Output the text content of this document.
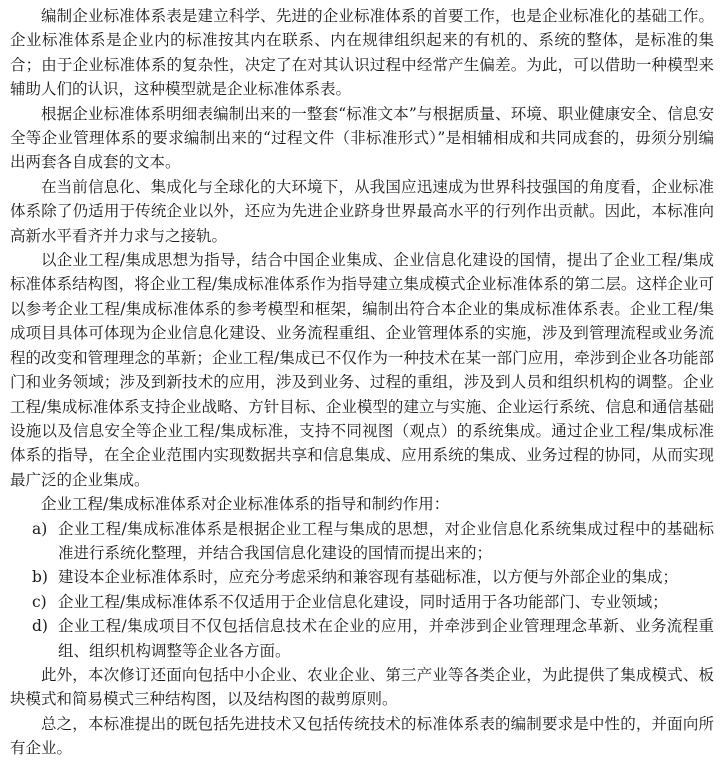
编制企业标准体系表是建立科学、先进的企业标准体系的首要工作，也是企业标准化的基础工作。企业标准体系是企业内的标准按其内在联系、内在规律组织起来的有机的、系统的整体，是标准的集合；由于企业标准体系的复杂性，决定了在对其认识过程中经常产生偏差。为此，可以借助一种模型来辅助人们的认识，这种模型就是企业标准体系表。

根据企业标准体系明细表编制出来的一整套“标准文本”与根据质量、环境、职业健康安全、信息安全等企业管理体系的要求编制出来的“过程文件（非标准形式）”是相辅相成和共同成套的，毋须分别编出两套各自成套的文本。

在当前信息化、集成化与全球化的大环境下，从我国应迅速成为世界科技强国的角度看，企业标准体系除了仍适用于传统企业以外，还应为先进企业跻身世界最高水平的行列作出贡献。因此，本标准向高新水平看齐并力求与之接轨。

以企业工程/集成思想为指导，结合中国企业集成、企业信息化建设的国情，提出了企业工程/集成标准体系结构图，将企业工程/集成标准体系作为指导建立集成模式企业标准体系的第二层。这样企业可以参考企业工程/集成标准体系的参考模型和框架，编制出符合本企业的集成标准体系表。企业工程/集成项目具体可体现为企业信息化建设、业务流程重组、企业管理体系的实施，涉及到管理流程或业务流程的改变和管理理念的革新；企业工程/集成已不仅作为一种技术在某一部门应用，牵涉到企业各功能部门和业务领域；涉及到新技术的应用，涉及到业务、过程的重组，涉及到人员和组织机构的调整。企业工程/集成标准体系支持企业战略、方针目标、企业模型的建立与实施、企业运行系统、信息和通信基础设施以及信息安全等企业工程/集成标准，支持不同视图（观点）的系统集成。通过企业工程/集成标准体系的指导，在全企业范围内实现数据共享和信息集成、应用系统的集成、业务过程的协同，从而实现最广泛的企业集成。

企业工程/集成标准体系对企业标准体系的指导和制约作用：

a) 企业工程/集成标准体系是根据企业工程与集成的思想，对企业信息化系统集成过程中的基础标准进行系统化整理，并结合我国信息化建设的国情而提出来的；
b) 建设本企业标准体系时，应充分考虑采纳和兼容现有基础标准，以方便与外部企业的集成；
c) 企业工程/集成标准体系不仅适用于企业信息化建设，同时适用于各功能部门、专业领域；
d) 企业工程/集成项目不仅包括信息技术在企业的应用，并牵涉到企业管理理念革新、业务流程重组、组织机构调整等企业各方面。

此外，本次修订还面向包括中小企业、农业企业、第三产业等各类企业，为此提供了集成模式、板块模式和简易模式三种结构图，以及结构图的裁剪原则。

总之，本标准提出的既包括先进技术又包括传统技术的标准体系表的编制要求是中性的，并面向所有企业。
